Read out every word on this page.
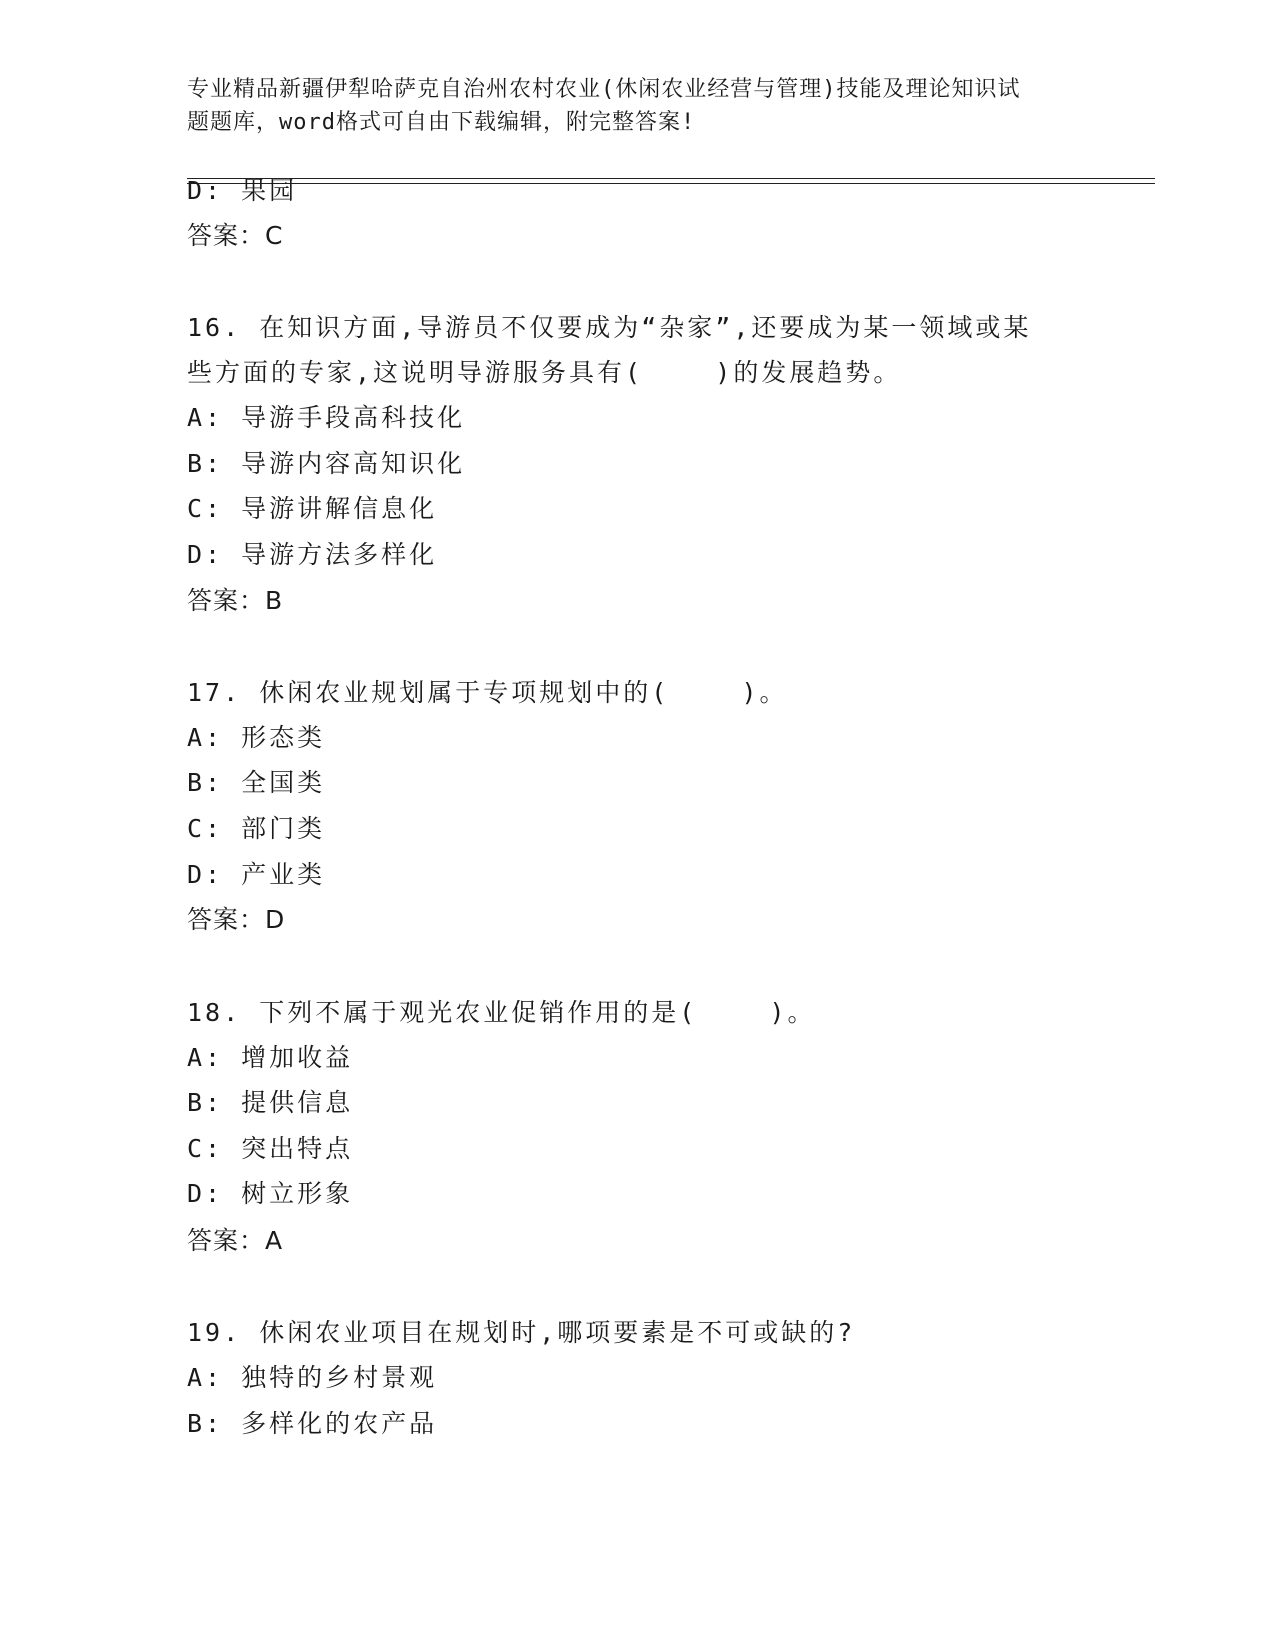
专业精品新疆伊犁哈萨克自治州农村农业(休闲农业经营与管理)技能及理论知识试
题题库，word格式可自由下载编辑，附完整答案!
D: 果园
答案：C
16. 在知识方面,导游员不仅要成为“杂家”,还要成为某一领域或某
些方面的专家,这说明导游服务具有(    )的发展趋势。
A: 导游手段高科技化
B: 导游内容高知识化
C: 导游讲解信息化
D: 导游方法多样化
答案：B
17. 休闲农业规划属于专项规划中的(    )。
A: 形态类
B: 全国类
C: 部门类
D: 产业类
答案：D
18. 下列不属于观光农业促销作用的是(    )。
A: 增加收益
B: 提供信息
C: 突出特点
D: 树立形象
答案：A
19. 休闲农业项目在规划时,哪项要素是不可或缺的?
A: 独特的乡村景观
B: 多样化的农产品
